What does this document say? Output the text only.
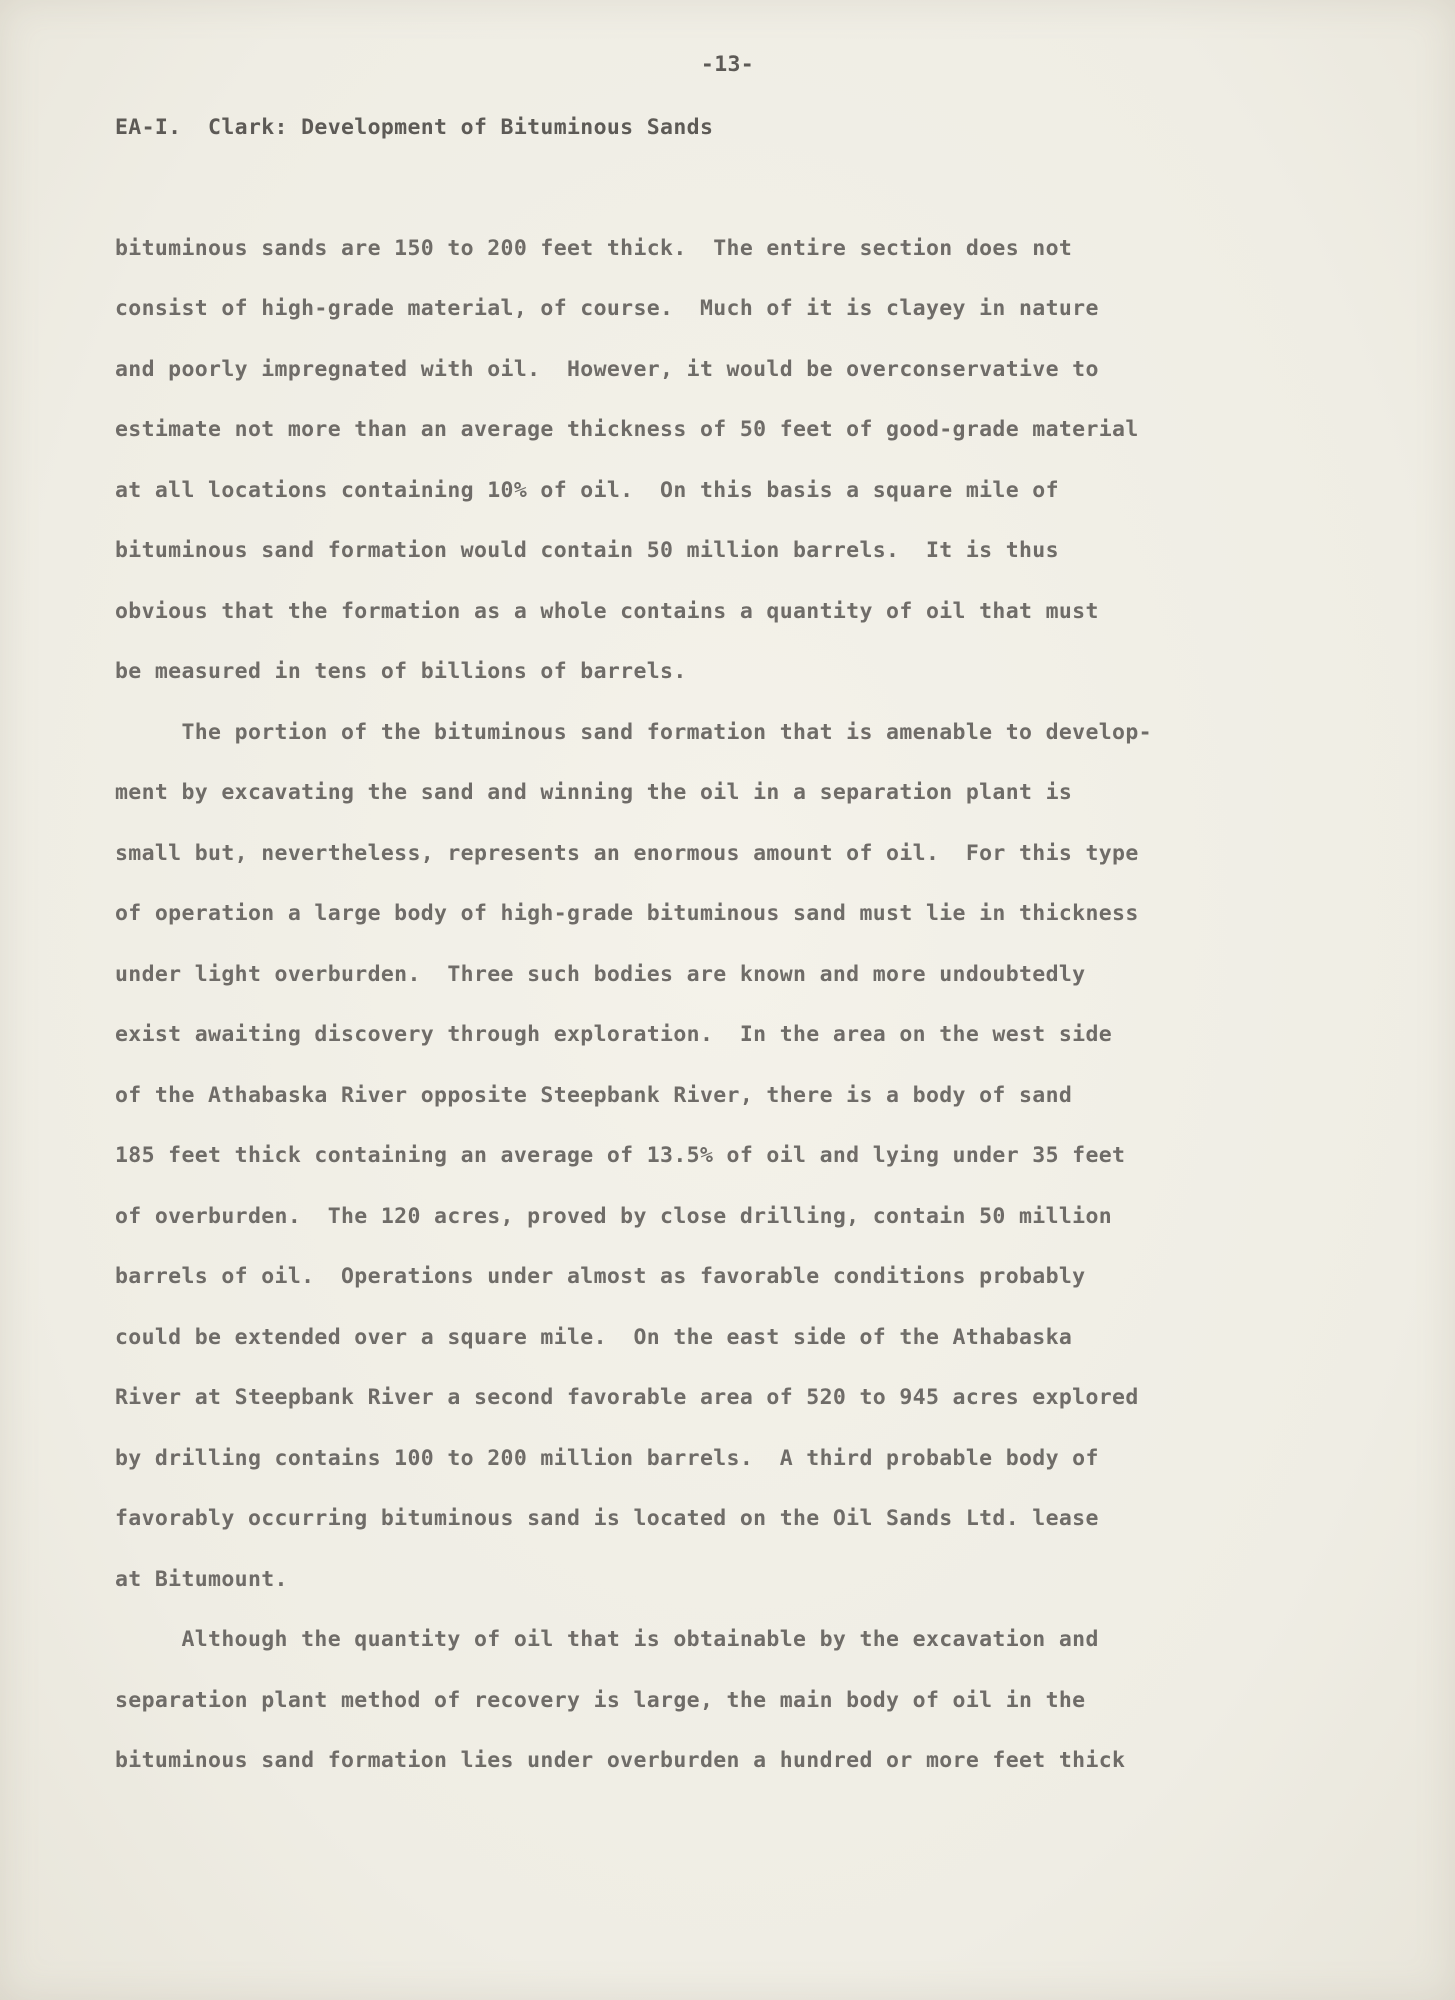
-13-
EA-I.  Clark: Development of Bituminous Sands
bituminous sands are 150 to 200 feet thick.  The entire section does not
consist of high-grade material, of course.  Much of it is clayey in nature
and poorly impregnated with oil.  However, it would be overconservative to
estimate not more than an average thickness of 50 feet of good-grade material
at all locations containing 10% of oil.  On this basis a square mile of
bituminous sand formation would contain 50 million barrels.  It is thus
obvious that the formation as a whole contains a quantity of oil that must
be measured in tens of billions of barrels.
The portion of the bituminous sand formation that is amenable to develop-
ment by excavating the sand and winning the oil in a separation plant is
small but, nevertheless, represents an enormous amount of oil.  For this type
of operation a large body of high-grade bituminous sand must lie in thickness
under light overburden.  Three such bodies are known and more undoubtedly
exist awaiting discovery through exploration.  In the area on the west side
of the Athabaska River opposite Steepbank River, there is a body of sand
185 feet thick containing an average of 13.5% of oil and lying under 35 feet
of overburden.  The 120 acres, proved by close drilling, contain 50 million
barrels of oil.  Operations under almost as favorable conditions probably
could be extended over a square mile.  On the east side of the Athabaska
River at Steepbank River a second favorable area of 520 to 945 acres explored
by drilling contains 100 to 200 million barrels.  A third probable body of
favorably occurring bituminous sand is located on the Oil Sands Ltd. lease
at Bitumount.
Although the quantity of oil that is obtainable by the excavation and
separation plant method of recovery is large, the main body of oil in the
bituminous sand formation lies under overburden a hundred or more feet thick
